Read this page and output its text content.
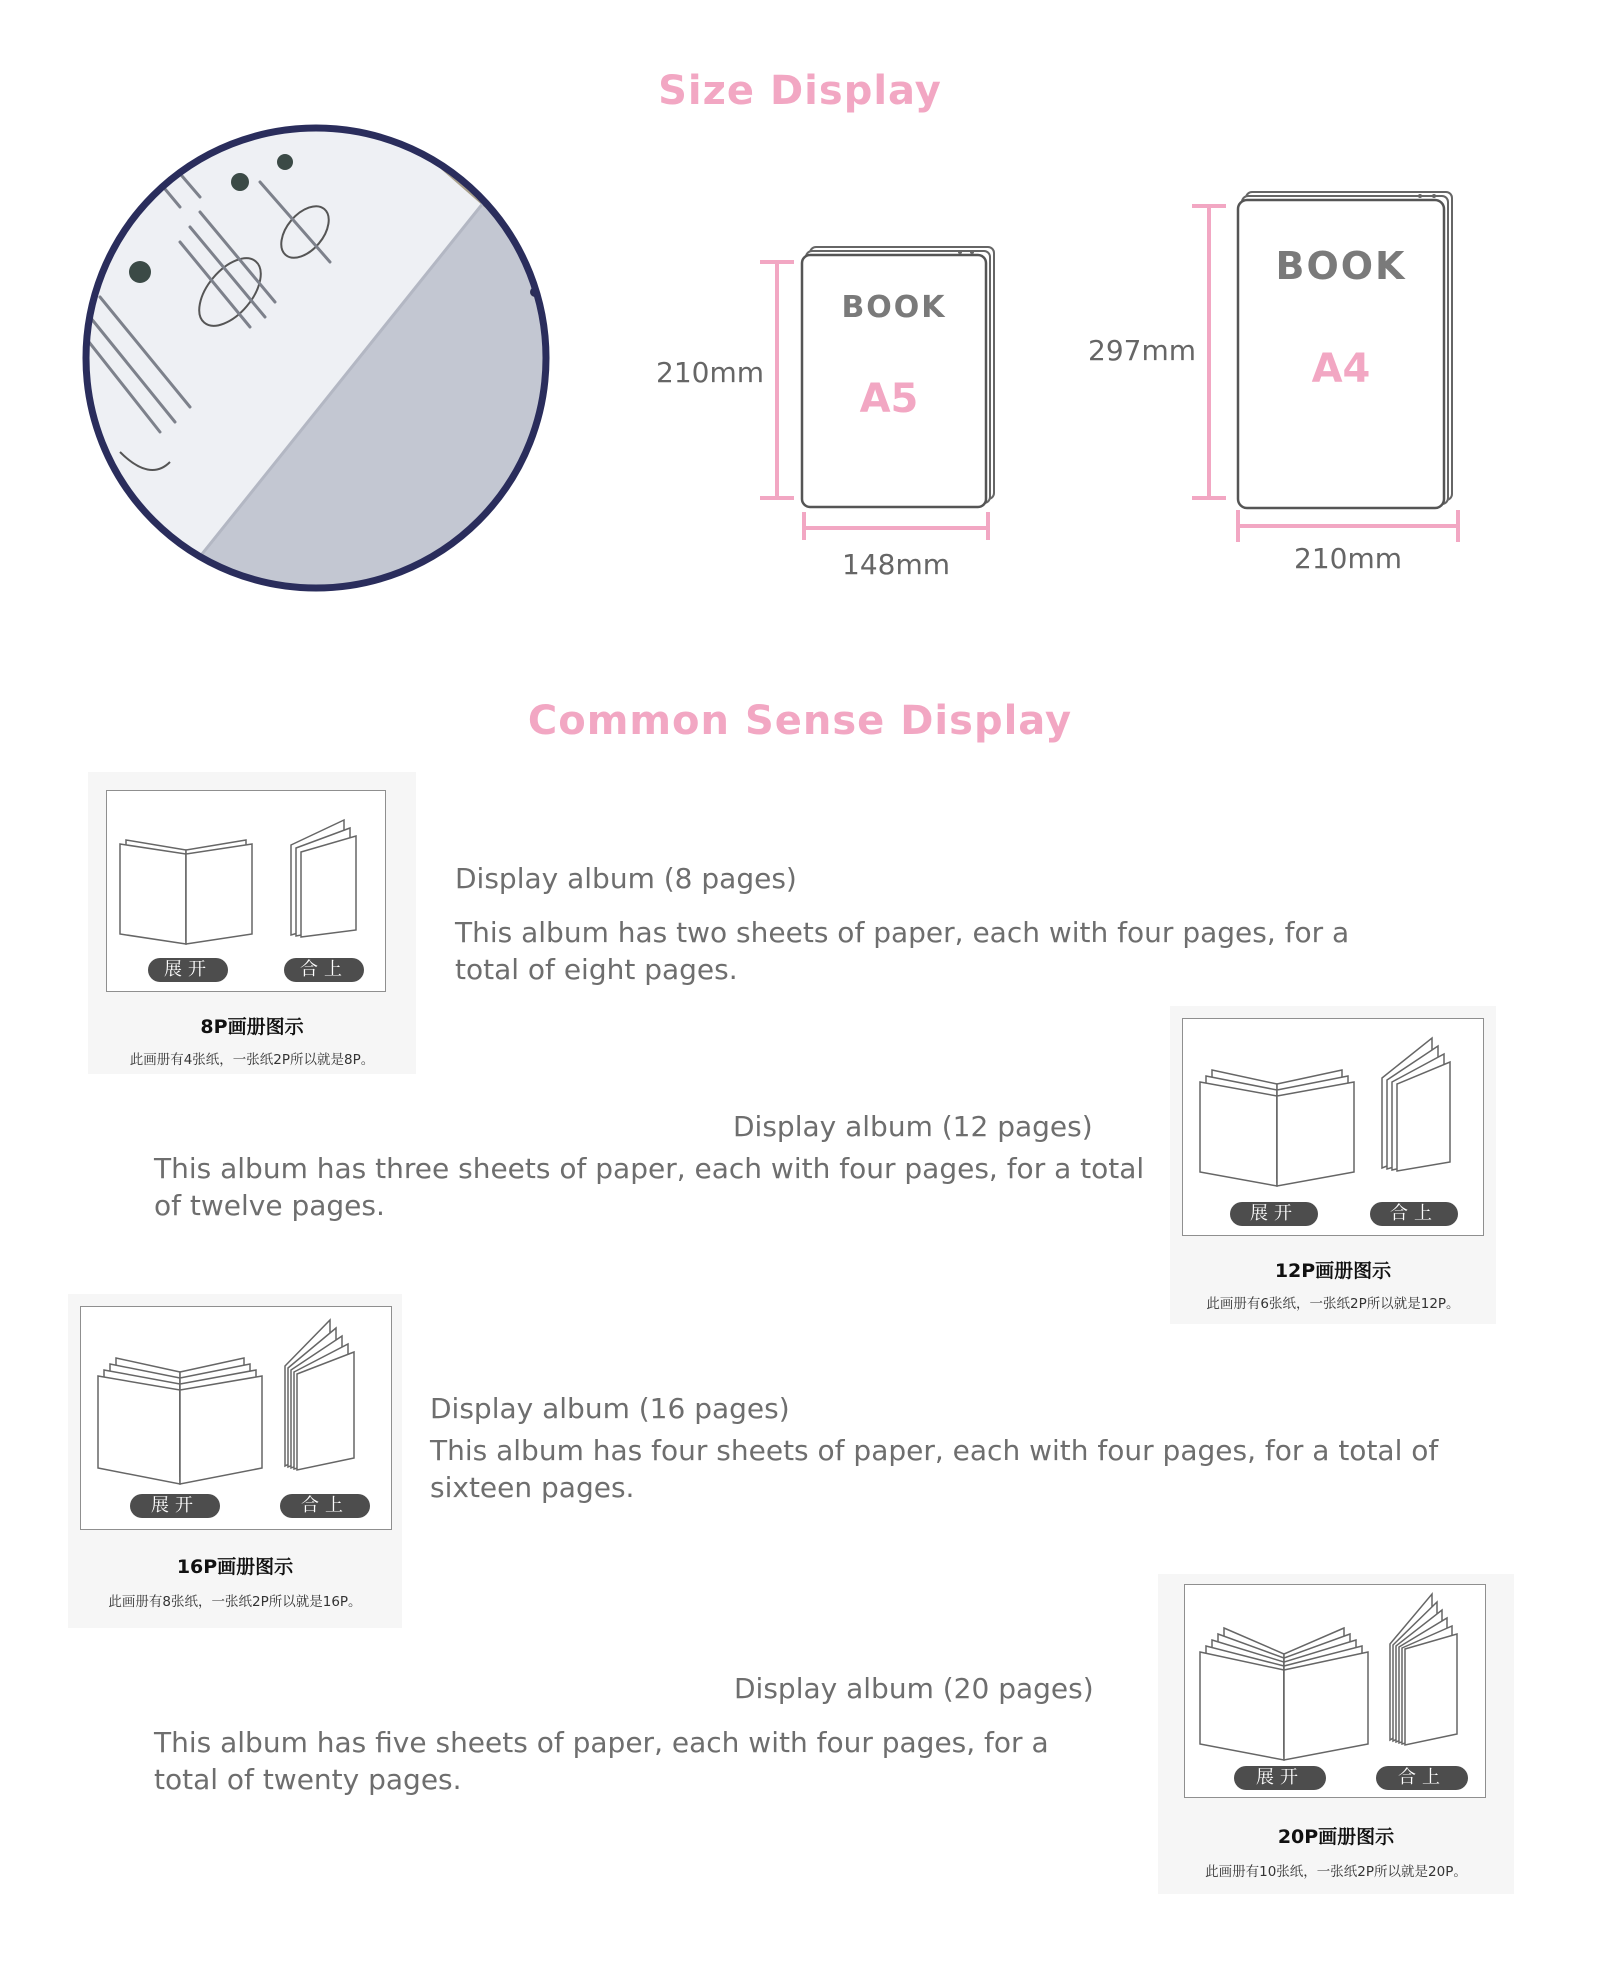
Size Display
BOOK
A5
210mm
148mm
BOOK
A4
297mm
210mm
Common Sense Display
展开	合上
8P画册图示
此画册有4张纸，一张纸2P所以就是8P。
Display album (8 pages)
This album has two sheets of paper, each with four pages, for a total of eight pages.
展开	合上
12P画册图示
此画册有6张纸，一张纸2P所以就是12P。
Display album (12 pages)
This album has three sheets of paper, each with four pages, for a total of twelve pages.
展开	合上
16P画册图示
此画册有8张纸，一张纸2P所以就是16P。
Display album (16 pages)
This album has four sheets of paper, each with four pages, for a total of sixteen pages.
展开	合上
20P画册图示
此画册有10张纸，一张纸2P所以就是20P。
Display album (20 pages)
This album has five sheets of paper, each with four pages, for a total of twenty pages.
